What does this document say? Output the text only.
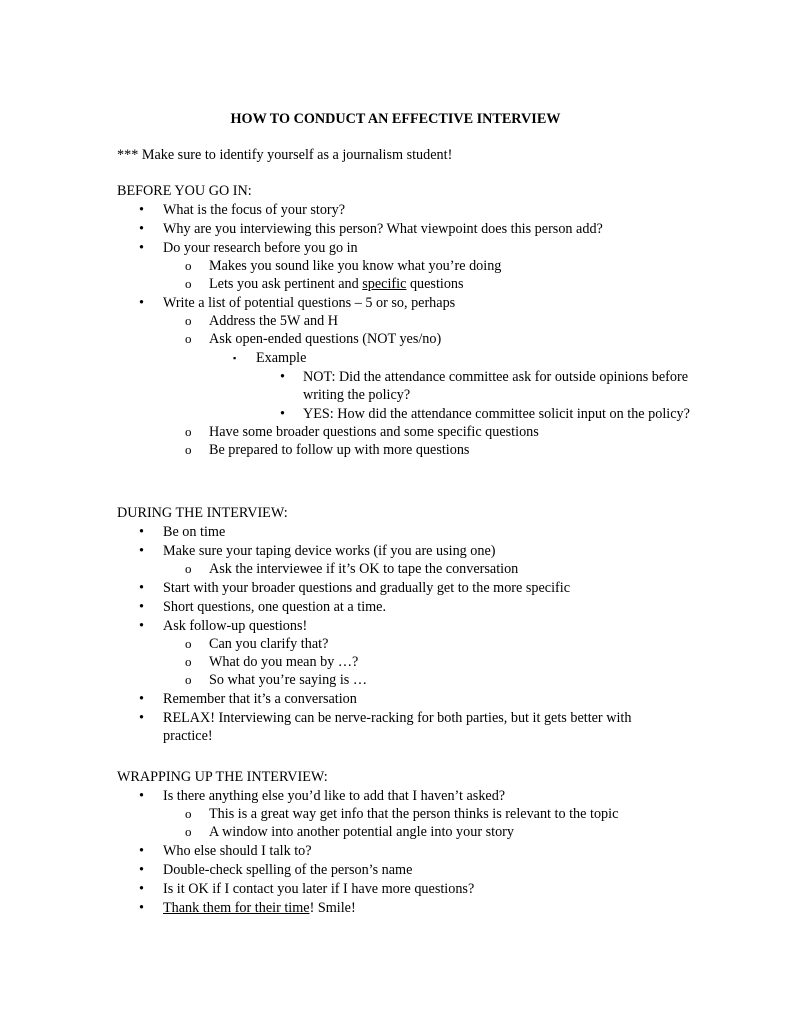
HOW TO CONDUCT AN EFFECTIVE INTERVIEW
*** Make sure to identify yourself as a journalism student!
BEFORE YOU GO IN:
• What is the focus of your story?
• Why are you interviewing this person? What viewpoint does this person add?
• Do your research before you go in
o Makes you sound like you know what you’re doing
o Lets you ask pertinent and specific questions
• Write a list of potential questions – 5 or so, perhaps
o Address the 5W and H
o Ask open-ended questions (NOT yes/no)
▪ Example
• NOT: Did the attendance committee ask for outside opinions before writing the policy?
• YES: How did the attendance committee solicit input on the policy?
o Have some broader questions and some specific questions
o Be prepared to follow up with more questions
DURING THE INTERVIEW:
• Be on time
• Make sure your taping device works (if you are using one)
o Ask the interviewee if it’s OK to tape the conversation
• Start with your broader questions and gradually get to the more specific
• Short questions, one question at a time.
• Ask follow-up questions!
o Can you clarify that?
o What do you mean by …?
o So what you’re saying is …
• Remember that it’s a conversation
• RELAX! Interviewing can be nerve-racking for both parties, but it gets better with practice!
WRAPPING UP THE INTERVIEW:
• Is there anything else you’d like to add that I haven’t asked?
o This is a great way get info that the person thinks is relevant to the topic
o A window into another potential angle into your story
• Who else should I talk to?
• Double-check spelling of the person’s name
• Is it OK if I contact you later if I have more questions?
• Thank them for their time! Smile!
